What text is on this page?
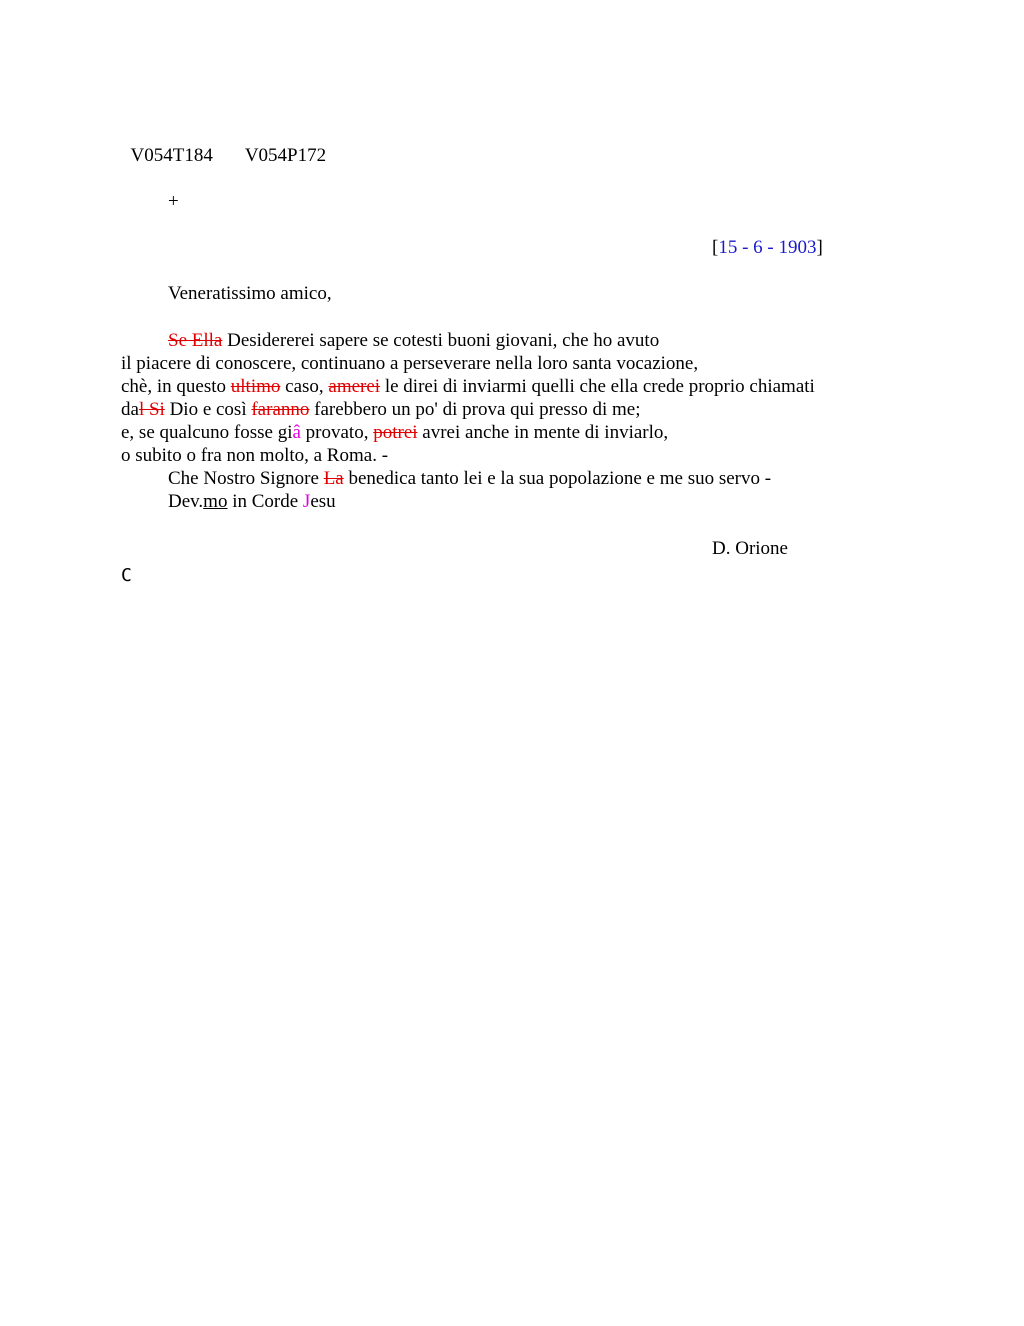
V054T184 V054P172

+
[15 - 6 - 1903]
Veneratissimo amico,
Se Ella Desidererei sapere se cotesti buoni giovani, che ho avuto
il piacere di conoscere, continuano a perseverare nella loro santa vocazione,
chè, in questo ultimo caso, amerei le direi di inviarmi quelli che ella crede proprio chiamati
dal Si Dio e così faranno farebbero un po' di prova qui presso di me;
e, se qualcuno fosse giâ provato, potrei avrei anche in mente di inviarlo,
o subito o fra non molto, a Roma. -
Che Nostro Signore La benedica tanto lei e la sua popolazione e me suo servo -
Dev.mo in Corde Jesu
D. Orione
C
